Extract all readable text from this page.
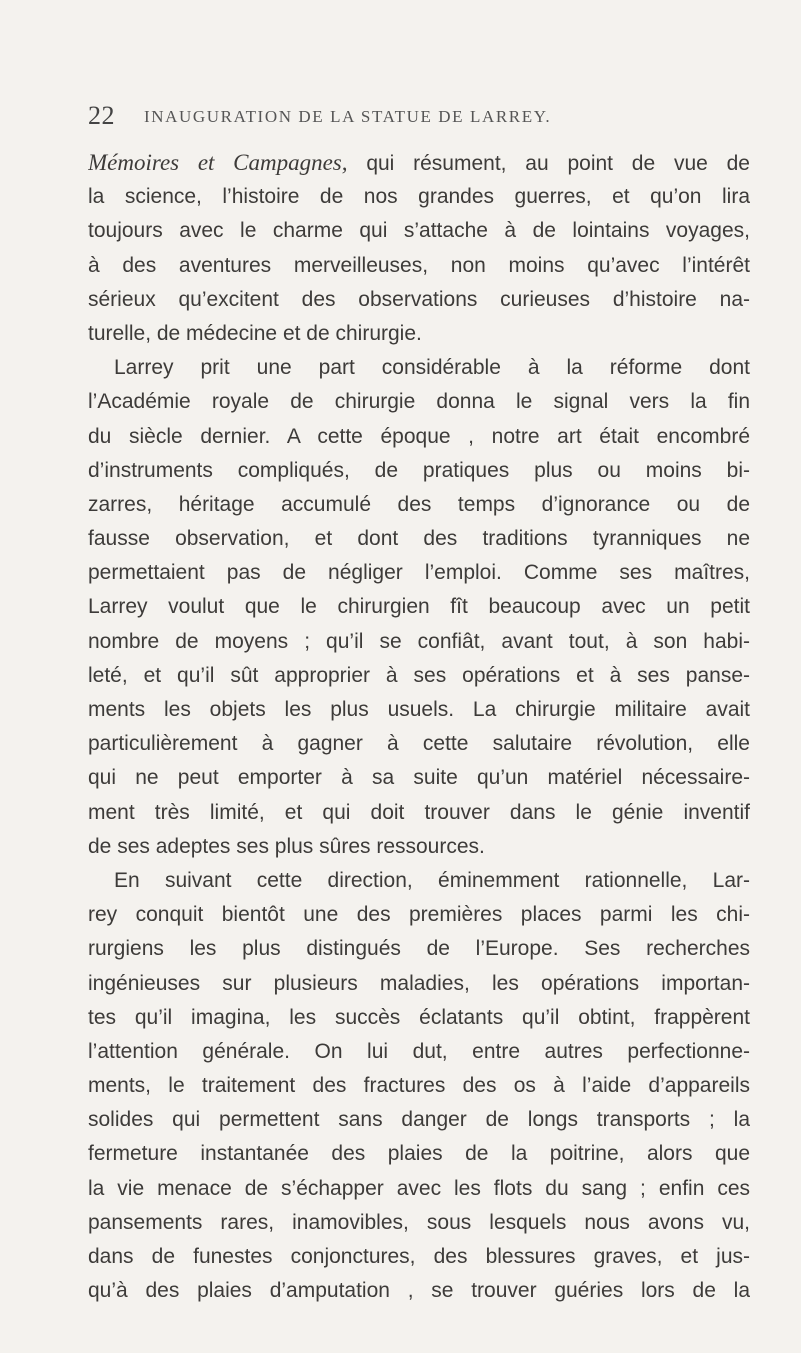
22 INAUGURATION DE LA STATUE DE LARREY.
Mémoires et Campagnes, qui résument, au point de vue de
la science, l’histoire de nos grandes guerres, et qu’on lira
toujours avec le charme qui s’attache à de lointains voyages,
à des aventures merveilleuses, non moins qu’avec l’intérêt
sérieux qu’excitent des observations curieuses d’histoire na-
turelle, de médecine et de chirurgie.
Larrey prit une part considérable à la réforme dont
l’Académie royale de chirurgie donna le signal vers la fin
du siècle dernier. A cette époque , notre art était encombré
d’instruments compliqués, de pratiques plus ou moins bi-
zarres, héritage accumulé des temps d’ignorance ou de
fausse observation, et dont des traditions tyranniques ne
permettaient pas de négliger l’emploi. Comme ses maîtres,
Larrey voulut que le chirurgien fît beaucoup avec un petit
nombre de moyens ; qu’il se confiât, avant tout, à son habi-
leté, et qu’il sût approprier à ses opérations et à ses panse-
ments les objets les plus usuels. La chirurgie militaire avait
particulièrement à gagner à cette salutaire révolution, elle
qui ne peut emporter à sa suite qu’un matériel nécessaire-
ment très limité, et qui doit trouver dans le génie inventif
de ses adeptes ses plus sûres ressources.
En suivant cette direction, éminemment rationnelle, Lar-
rey conquit bientôt une des premières places parmi les chi-
rurgiens les plus distingués de l’Europe. Ses recherches
ingénieuses sur plusieurs maladies, les opérations importan-
tes qu’il imagina, les succès éclatants qu’il obtint, frappèrent
l’attention générale. On lui dut, entre autres perfectionne-
ments, le traitement des fractures des os à l’aide d’appareils
solides qui permettent sans danger de longs transports ; la
fermeture instantanée des plaies de la poitrine, alors que
la vie menace de s’échapper avec les flots du sang ; enfin ces
pansements rares, inamovibles, sous lesquels nous avons vu,
dans de funestes conjonctures, des blessures graves, et jus-
qu’à des plaies d’amputation , se trouver guéries lors de la
